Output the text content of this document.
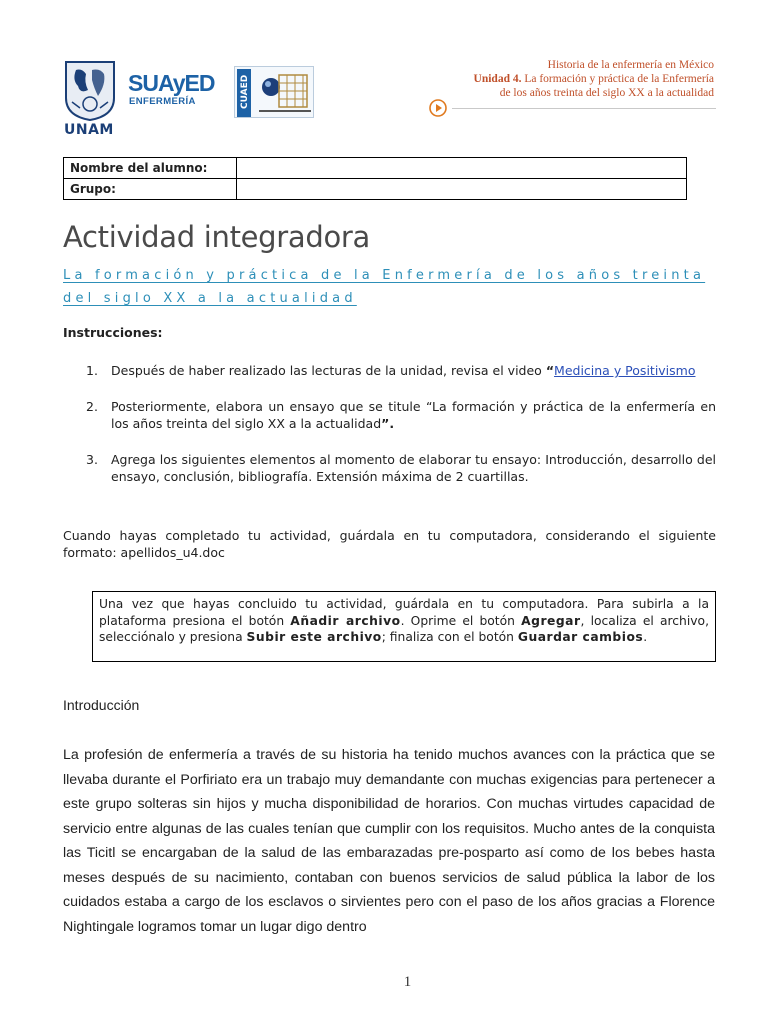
UNAM
SUAyED
ENFERMERÍA	CUAED
Historia de la enfermería en México
Unidad 4. La formación y práctica de la Enfermería
de los años treinta del siglo XX a la actualidad
Nombre del alumno:	
Grupo:	
Actividad integradora
La formación y práctica de la Enfermería de los años treinta del siglo XX a la actualidad
Instrucciones:
1. Después de haber realizado las lecturas de la unidad, revisa el video “Medicina y Positivismo
2. Posteriormente, elabora un ensayo que se titule “La formación y práctica de la enfermería en los años treinta del siglo XX a la actualidad”.
3. Agrega los siguientes elementos al momento de elaborar tu ensayo: Introducción, desarrollo del ensayo, conclusión, bibliografía. Extensión máxima de 2 cuartillas.
Cuando hayas completado tu actividad, guárdala en tu computadora, considerando el siguiente formato: apellidos_u4.doc
Una vez que hayas concluido tu actividad, guárdala en tu computadora. Para subirla a la plataforma presiona el botón Añadir archivo. Oprime el botón Agregar, localiza el archivo, selecciónalo y presiona Subir este archivo; finaliza con el botón Guardar cambios.
Introducción
La profesión de enfermería a través de su historia ha tenido muchos avances con la práctica que se llevaba durante el Porfiriato era un trabajo muy demandante con muchas exigencias para pertenecer a este grupo solteras sin hijos y mucha disponibilidad de horarios. Con muchas virtudes capacidad de servicio entre algunas de las cuales tenían que cumplir con los requisitos. Mucho antes de la conquista las Ticitl se encargaban de la salud de las embarazadas pre-posparto así como de los bebes hasta meses después de su nacimiento, contaban con buenos servicios de salud pública la labor de los cuidados estaba a cargo de los esclavos o sirvientes pero con el paso de los años gracias a Florence Nightingale logramos tomar un lugar digo dentro
1
